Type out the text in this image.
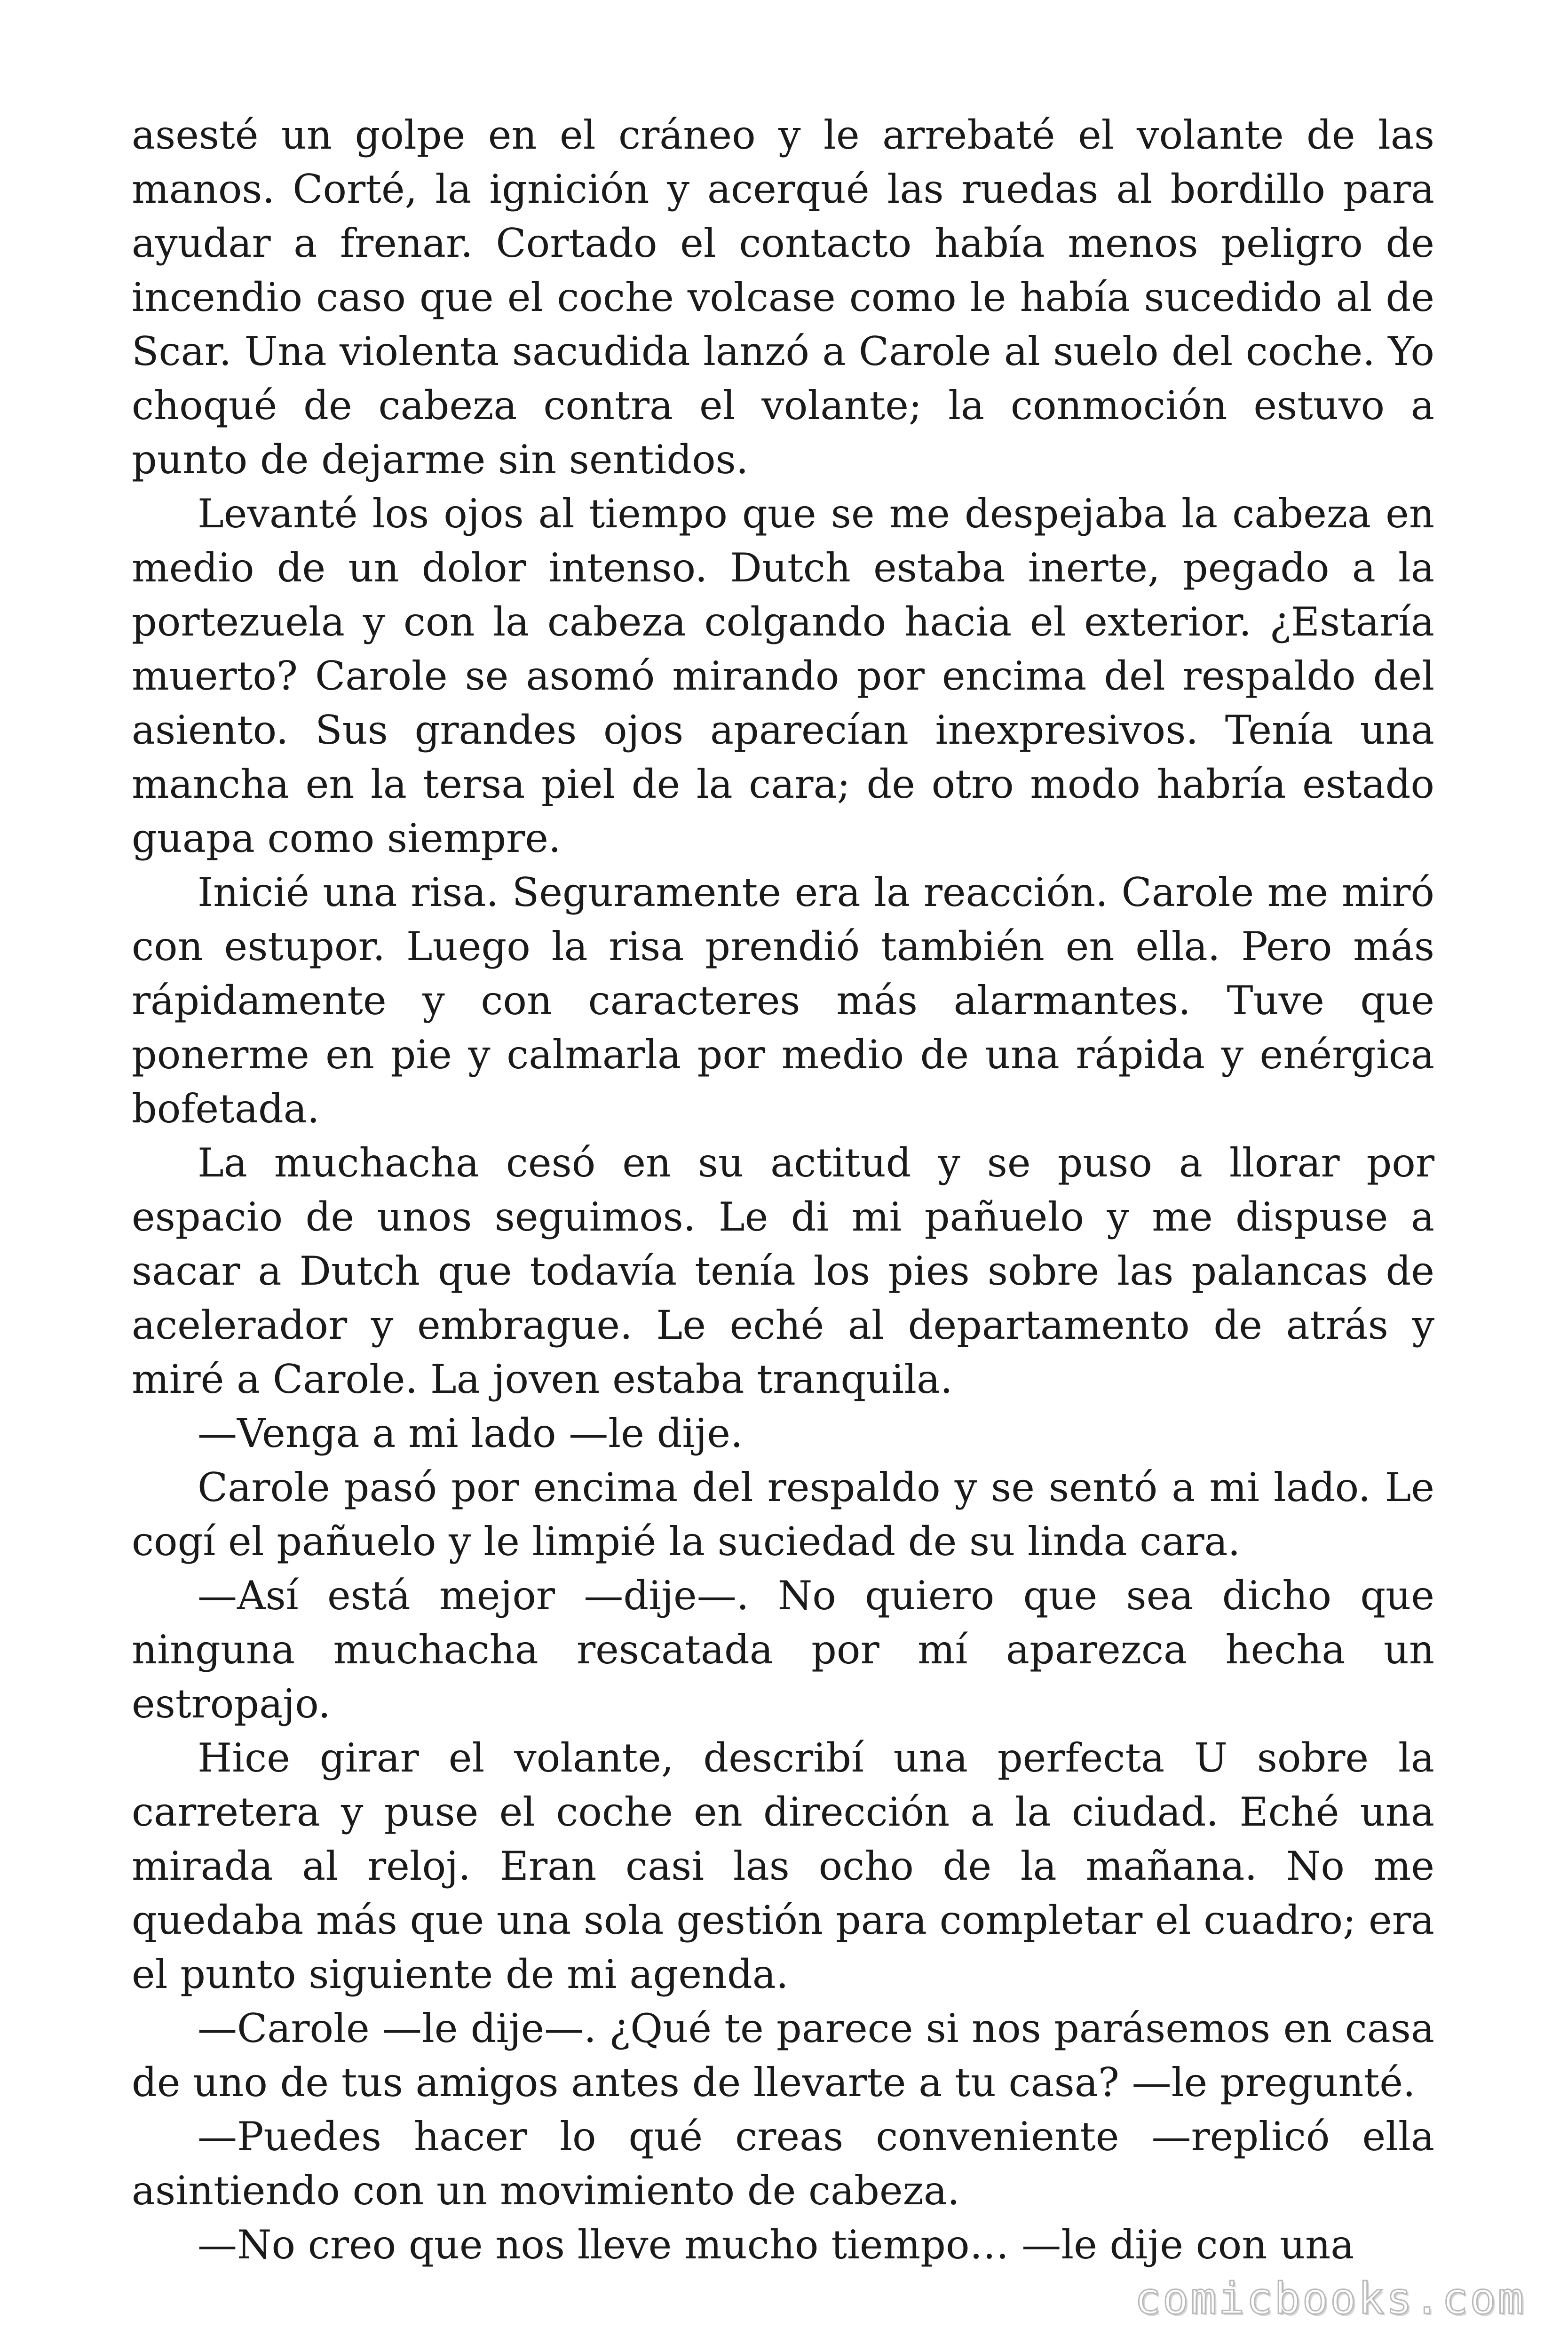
asesté un golpe en el cráneo y le arrebaté el volante de las manos. Corté, la ignición y acerqué las ruedas al bordillo para ayudar a frenar. Cortado el contacto había menos peligro de incendio caso que el coche volcase como le había sucedido al de Scar. Una violenta sacudida lanzó a Carole al suelo del coche. Yo choqué de cabeza contra el volante; la conmoción estuvo a punto de dejarme sin sentidos.

Levanté los ojos al tiempo que se me despejaba la cabeza en medio de un dolor intenso. Dutch estaba inerte, pegado a la portezuela y con la cabeza colgando hacia el exterior. ¿Estaría muerto? Carole se asomó mirando por encima del respaldo del asiento. Sus grandes ojos aparecían inexpresivos. Tenía una mancha en la tersa piel de la cara; de otro modo habría estado guapa como siempre.

Inicié una risa. Seguramente era la reacción. Carole me miró con estupor. Luego la risa prendió también en ella. Pero más rápidamente y con caracteres más alarmantes. Tuve que ponerme en pie y calmarla por medio de una rápida y enérgica bofetada.

La muchacha cesó en su actitud y se puso a llorar por espacio de unos seguimos. Le di mi pañuelo y me dispuse a sacar a Dutch que todavía tenía los pies sobre las palancas de acelerador y embrague. Le eché al departamento de atrás y miré a Carole. La joven estaba tranquila.

—Venga a mi lado —le dije.

Carole pasó por encima del respaldo y se sentó a mi lado. Le cogí el pañuelo y le limpié la suciedad de su linda cara.

—Así está mejor —dije—. No quiero que sea dicho que ninguna muchacha rescatada por mí aparezca hecha un estropajo.

Hice girar el volante, describí una perfecta U sobre la carretera y puse el coche en dirección a la ciudad. Eché una mirada al reloj. Eran casi las ocho de la mañana. No me quedaba más que una sola gestión para completar el cuadro; era el punto siguiente de mi agenda.

—Carole —le dije—. ¿Qué te parece si nos parásemos en casa de uno de tus amigos antes de llevarte a tu casa? —le pregunté.

—Puedes hacer lo qué creas conveniente —replicó ella asintiendo con un movimiento de cabeza.

—No creo que nos lleve mucho tiempo… —le dije con una

comicbooks.com
